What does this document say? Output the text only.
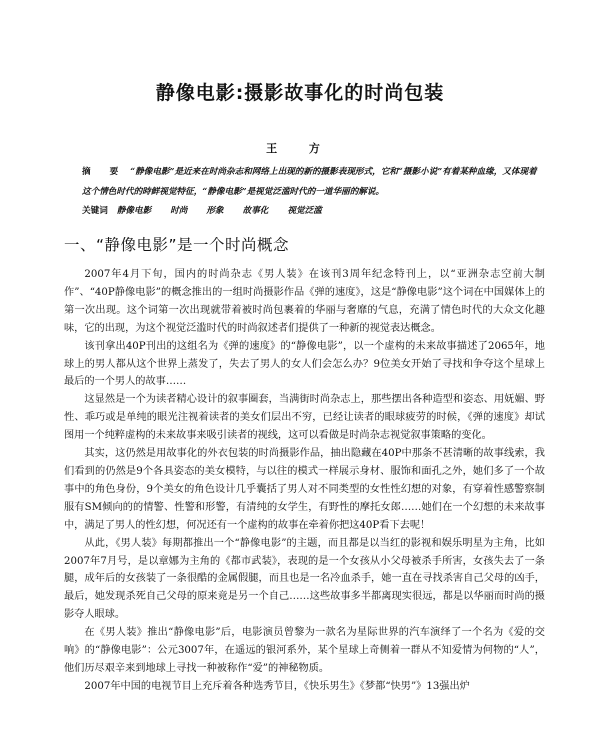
静像电影:摄影故事化的时尚包装
王 方
摘 要 “静像电影”是近来在时尚杂志和网络上出现的新的摄影表现形式，它和“摄影小说”有着某种血缘，又体现着这个情色时代的時鲜视觉特征，“静像电影”是视觉泛滥时代的一道华丽的解说。
关键词 静像电影 时尚 形象 故事化 视觉泛滥
一、“静像电影”是一个时尚概念

2007年4月下旬，国内的时尚杂志《男人装》在该刊3周年纪念特刊上，以“亚洲杂志空前大制作”、“40P静像电影”的概念推出的一组时尚摄影作品《弹的速度》，这是“静像电影”这个词在中国媒体上的第一次出现。这个词第一次出现就带着被时尚包裹着的华丽与奢靡的气息，充满了情色时代的大众文化趣味，它的出现，为这个视觉泛滥时代的时尚叙述者们提供了一种新的视觉表达概念。

该刊拿出40P刊出的这组名为《弹的速度》的“静像电影”，以一个虚构的未来故事描述了2065年，地球上的男人都从这个世界上蒸发了，失去了男人的女人们会怎么办？9位美女开始了寻找和争夺这个星球上最后的一个男人的故事……

这显然是一个为读者精心设计的叙事圈套，当满街时尚杂志上，那些摆出各种造型和姿态、用妩媚、野性、乖巧或是单纯的眼光注视着读者的美女们层出不穷，已经让读者的眼球疲劳的时候，《弹的速度》却试图用一个纯粹虚构的未来故事来吸引读者的视线，这可以看做是时尚杂志视觉叙事策略的变化。

其实，这仍然是用故事化的外衣包装的时尚摄影作品，抽出隐藏在40P中那条不甚清晰的故事线索，我们看到的仍然是9个各具姿态的美女模特，与以往的模式一样展示身材、服饰和面孔之外，她们多了一个故事中的角色身份，9个美女的角色设计几乎囊括了男人对不同类型的女性性幻想的对象，有穿着性感警察制服有SM倾向的的情警、性警和形警，有清纯的女学生，有野性的摩托女郎……她们在一个幻想的未来故事中，满足了男人的性幻想，何况还有一个虚构的故事在牵着你把这40P看下去呢！

从此，《男人装》每期都推出一个“静像电影”的主题，而且都是以当红的影视和娱乐明星为主角，比如2007年7月号，是以章娜为主角的《都市武装》，表现的是一个女孩从小父母被杀手所害，女孩失去了一条腿，成年后的女孩装了一条很酷的金属假腿，而且也是一名冷血杀手，她一直在寻找杀害自己父母的凶手，最后，她发现杀死自己父母的原来竟是另一个自己……这些故事多半都离现实很远，都是以华丽而时尚的摄影夺人眼球。

在《男人装》推出“静像电影”后，电影演员曾黎为一款名为星际世界的汽车演绎了一个名为《爱的交响》的“静像电影”：公元3007年，在遥远的银河系外，某个星球上奇侧着一群从不知爱情为何物的“人”，他们历尽艰辛来到地球上寻找一种被称作“爱”的神秘物质。

2007年中国的电视节目上充斥着各种选秀节目，《快乐男生》《梦都“快男”》13强出炉
